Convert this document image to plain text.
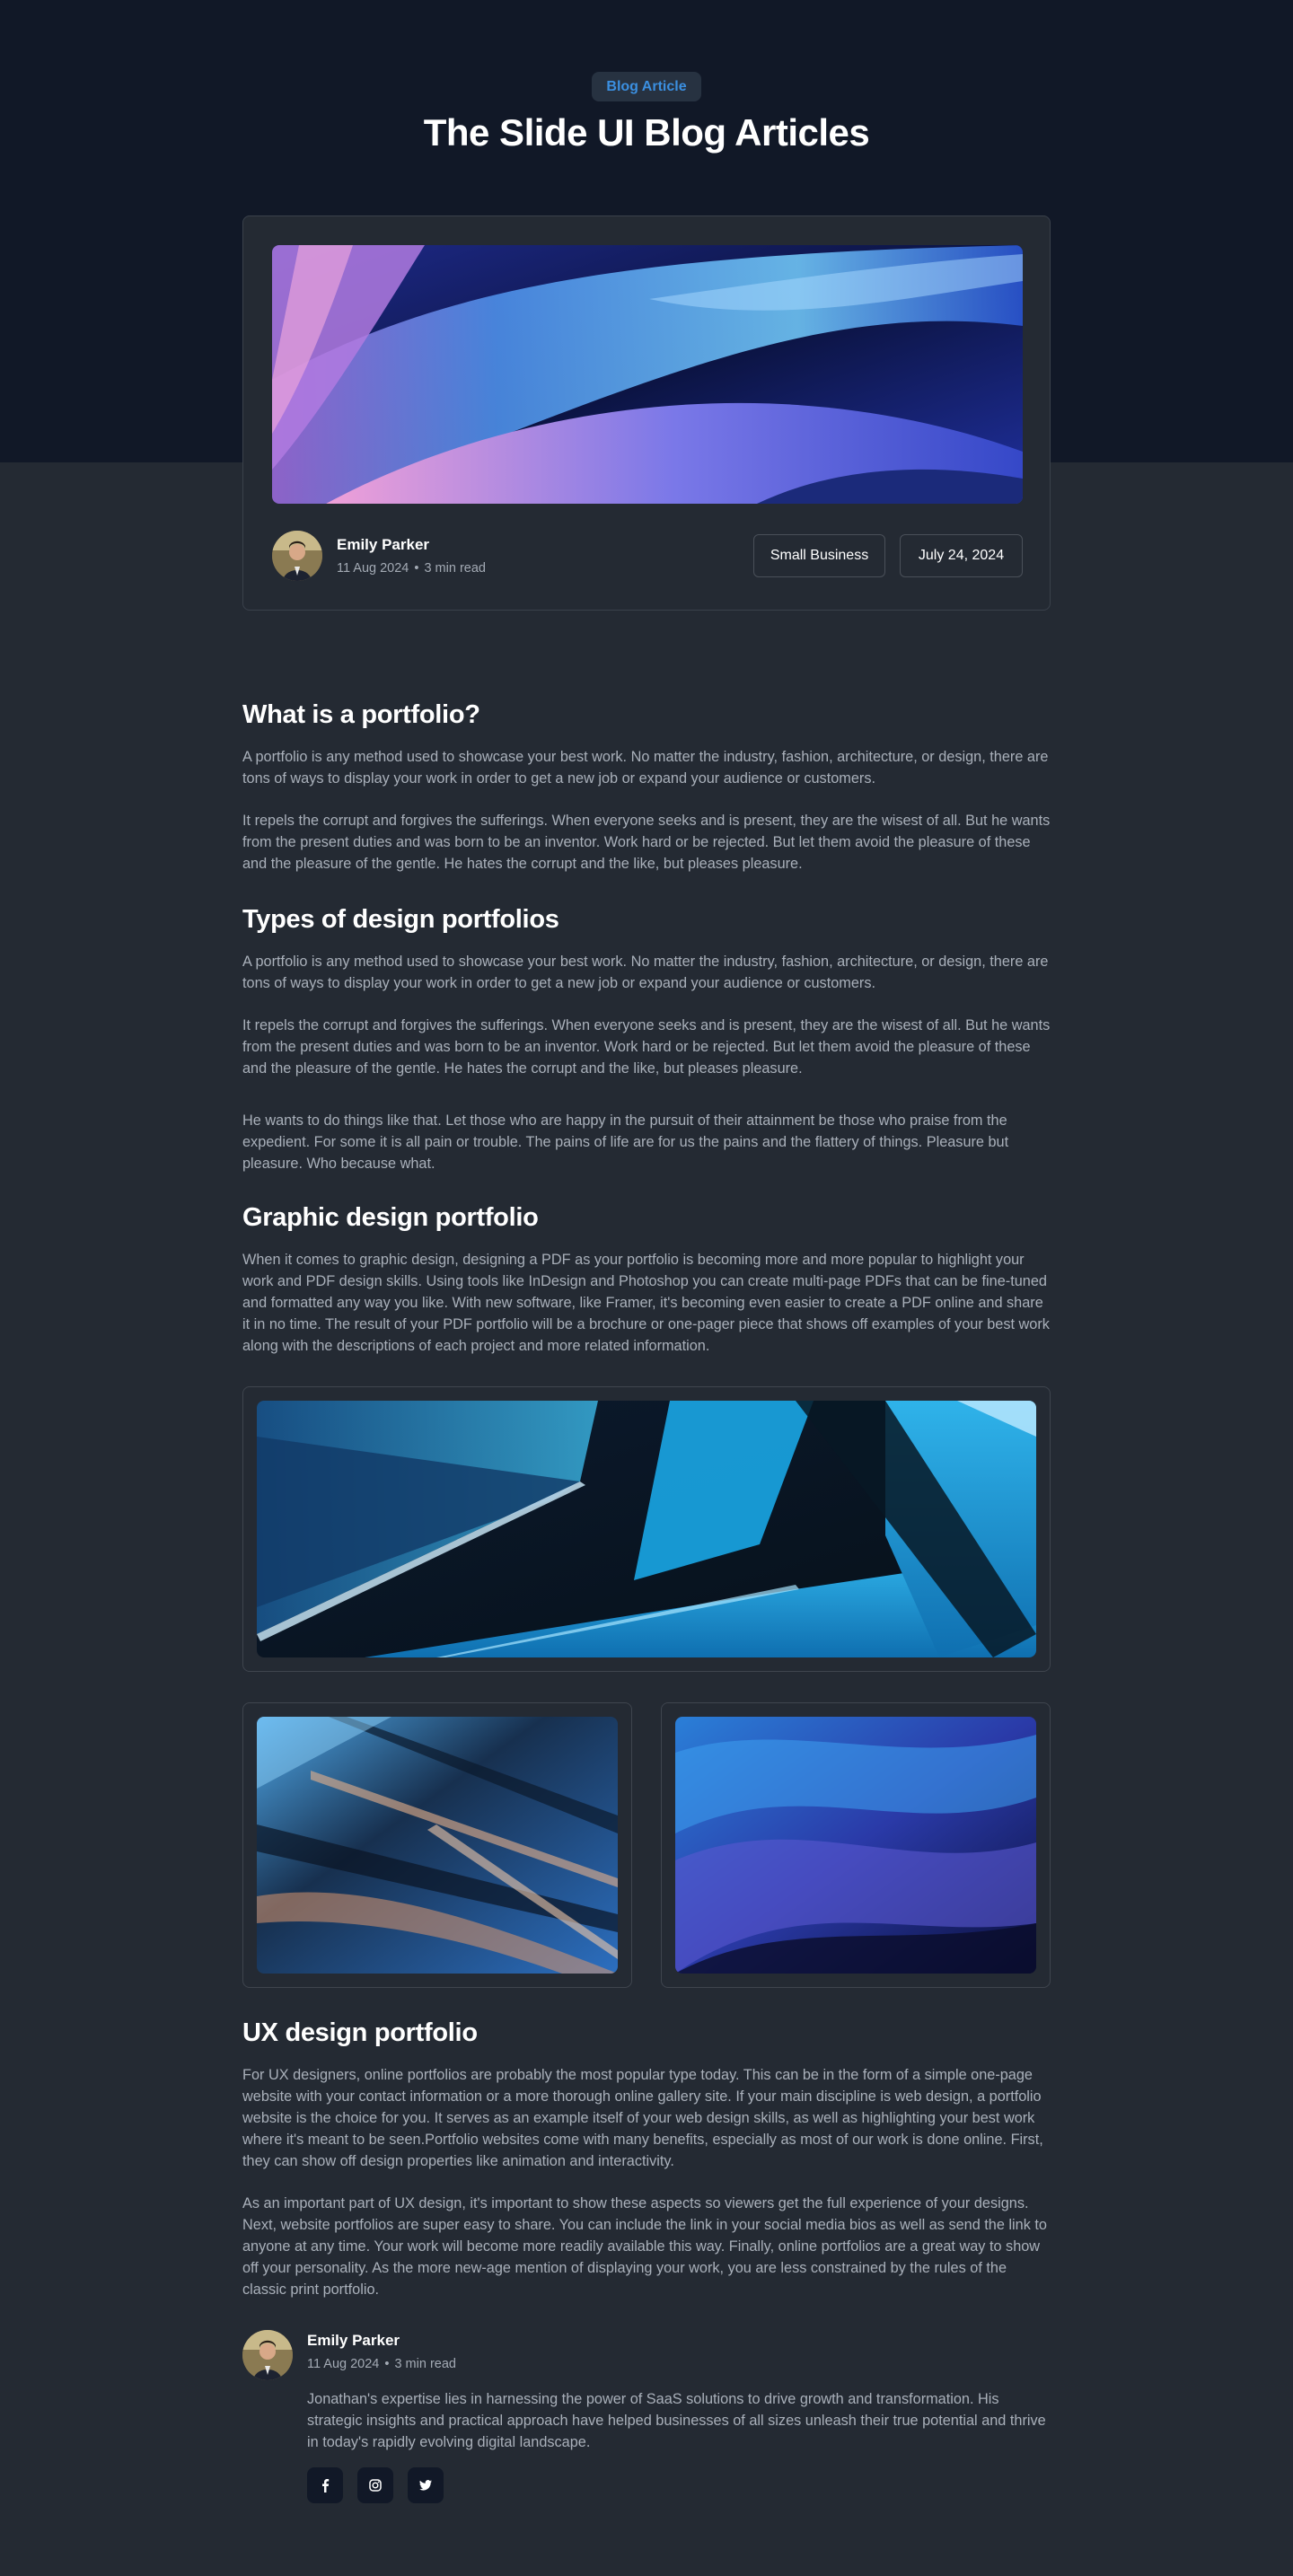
Blog Article
The Slide UI Blog Articles
Emily Parker
11 Aug 2024 • 3 min read
Small Business	July 24, 2024
What is a portfolio?

A portfolio is any method used to showcase your best work. No matter the industry, fashion, architecture, or design, there are tons of ways to display your work in order to get a new job or expand your audience or customers.

It repels the corrupt and forgives the sufferings. When everyone seeks and is present, they are the wisest of all. But he wants from the present duties and was born to be an inventor. Work hard or be rejected. But let them avoid the pleasure of these and the pleasure of the gentle. He hates the corrupt and the like, but pleases pleasure.

Types of design portfolios

A portfolio is any method used to showcase your best work. No matter the industry, fashion, architecture, or design, there are tons of ways to display your work in order to get a new job or expand your audience or customers.

It repels the corrupt and forgives the sufferings. When everyone seeks and is present, they are the wisest of all. But he wants from the present duties and was born to be an inventor. Work hard or be rejected. But let them avoid the pleasure of these and the pleasure of the gentle. He hates the corrupt and the like, but pleases pleasure.

He wants to do things like that. Let those who are happy in the pursuit of their attainment be those who praise from the expedient. For some it is all pain or trouble. The pains of life are for us the pains and the flattery of things. Pleasure but pleasure. Who because what.

Graphic design portfolio

When it comes to graphic design, designing a PDF as your portfolio is becoming more and more popular to highlight your work and PDF design skills. Using tools like InDesign and Photoshop you can create multi-page PDFs that can be fine-tuned and formatted any way you like. With new software, like Framer, it's becoming even easier to create a PDF online and share it in no time. The result of your PDF portfolio will be a brochure or one-pager piece that shows off examples of your best work along with the descriptions of each project and more related information.

UX design portfolio

For UX designers, online portfolios are probably the most popular type today. This can be in the form of a simple one-page website with your contact information or a more thorough online gallery site. If your main discipline is web design, a portfolio website is the choice for you. It serves as an example itself of your web design skills, as well as highlighting your best work where it's meant to be seen.Portfolio websites come with many benefits, especially as most of our work is done online. First, they can show off design properties like animation and interactivity.

As an important part of UX design, it's important to show these aspects so viewers get the full experience of your designs. Next, website portfolios are super easy to share. You can include the link in your social media bios as well as send the link to anyone at any time. Your work will become more readily available this way. Finally, online portfolios are a great way to show off your personality. As the more new-age mention of displaying your work, you are less constrained by the rules of the classic print portfolio.

Emily Parker
11 Aug 2024 • 3 min read

Jonathan's expertise lies in harnessing the power of SaaS solutions to drive growth and transformation. His strategic insights and practical approach have helped businesses of all sizes unleash their true potential and thrive in today's rapidly evolving digital landscape.
